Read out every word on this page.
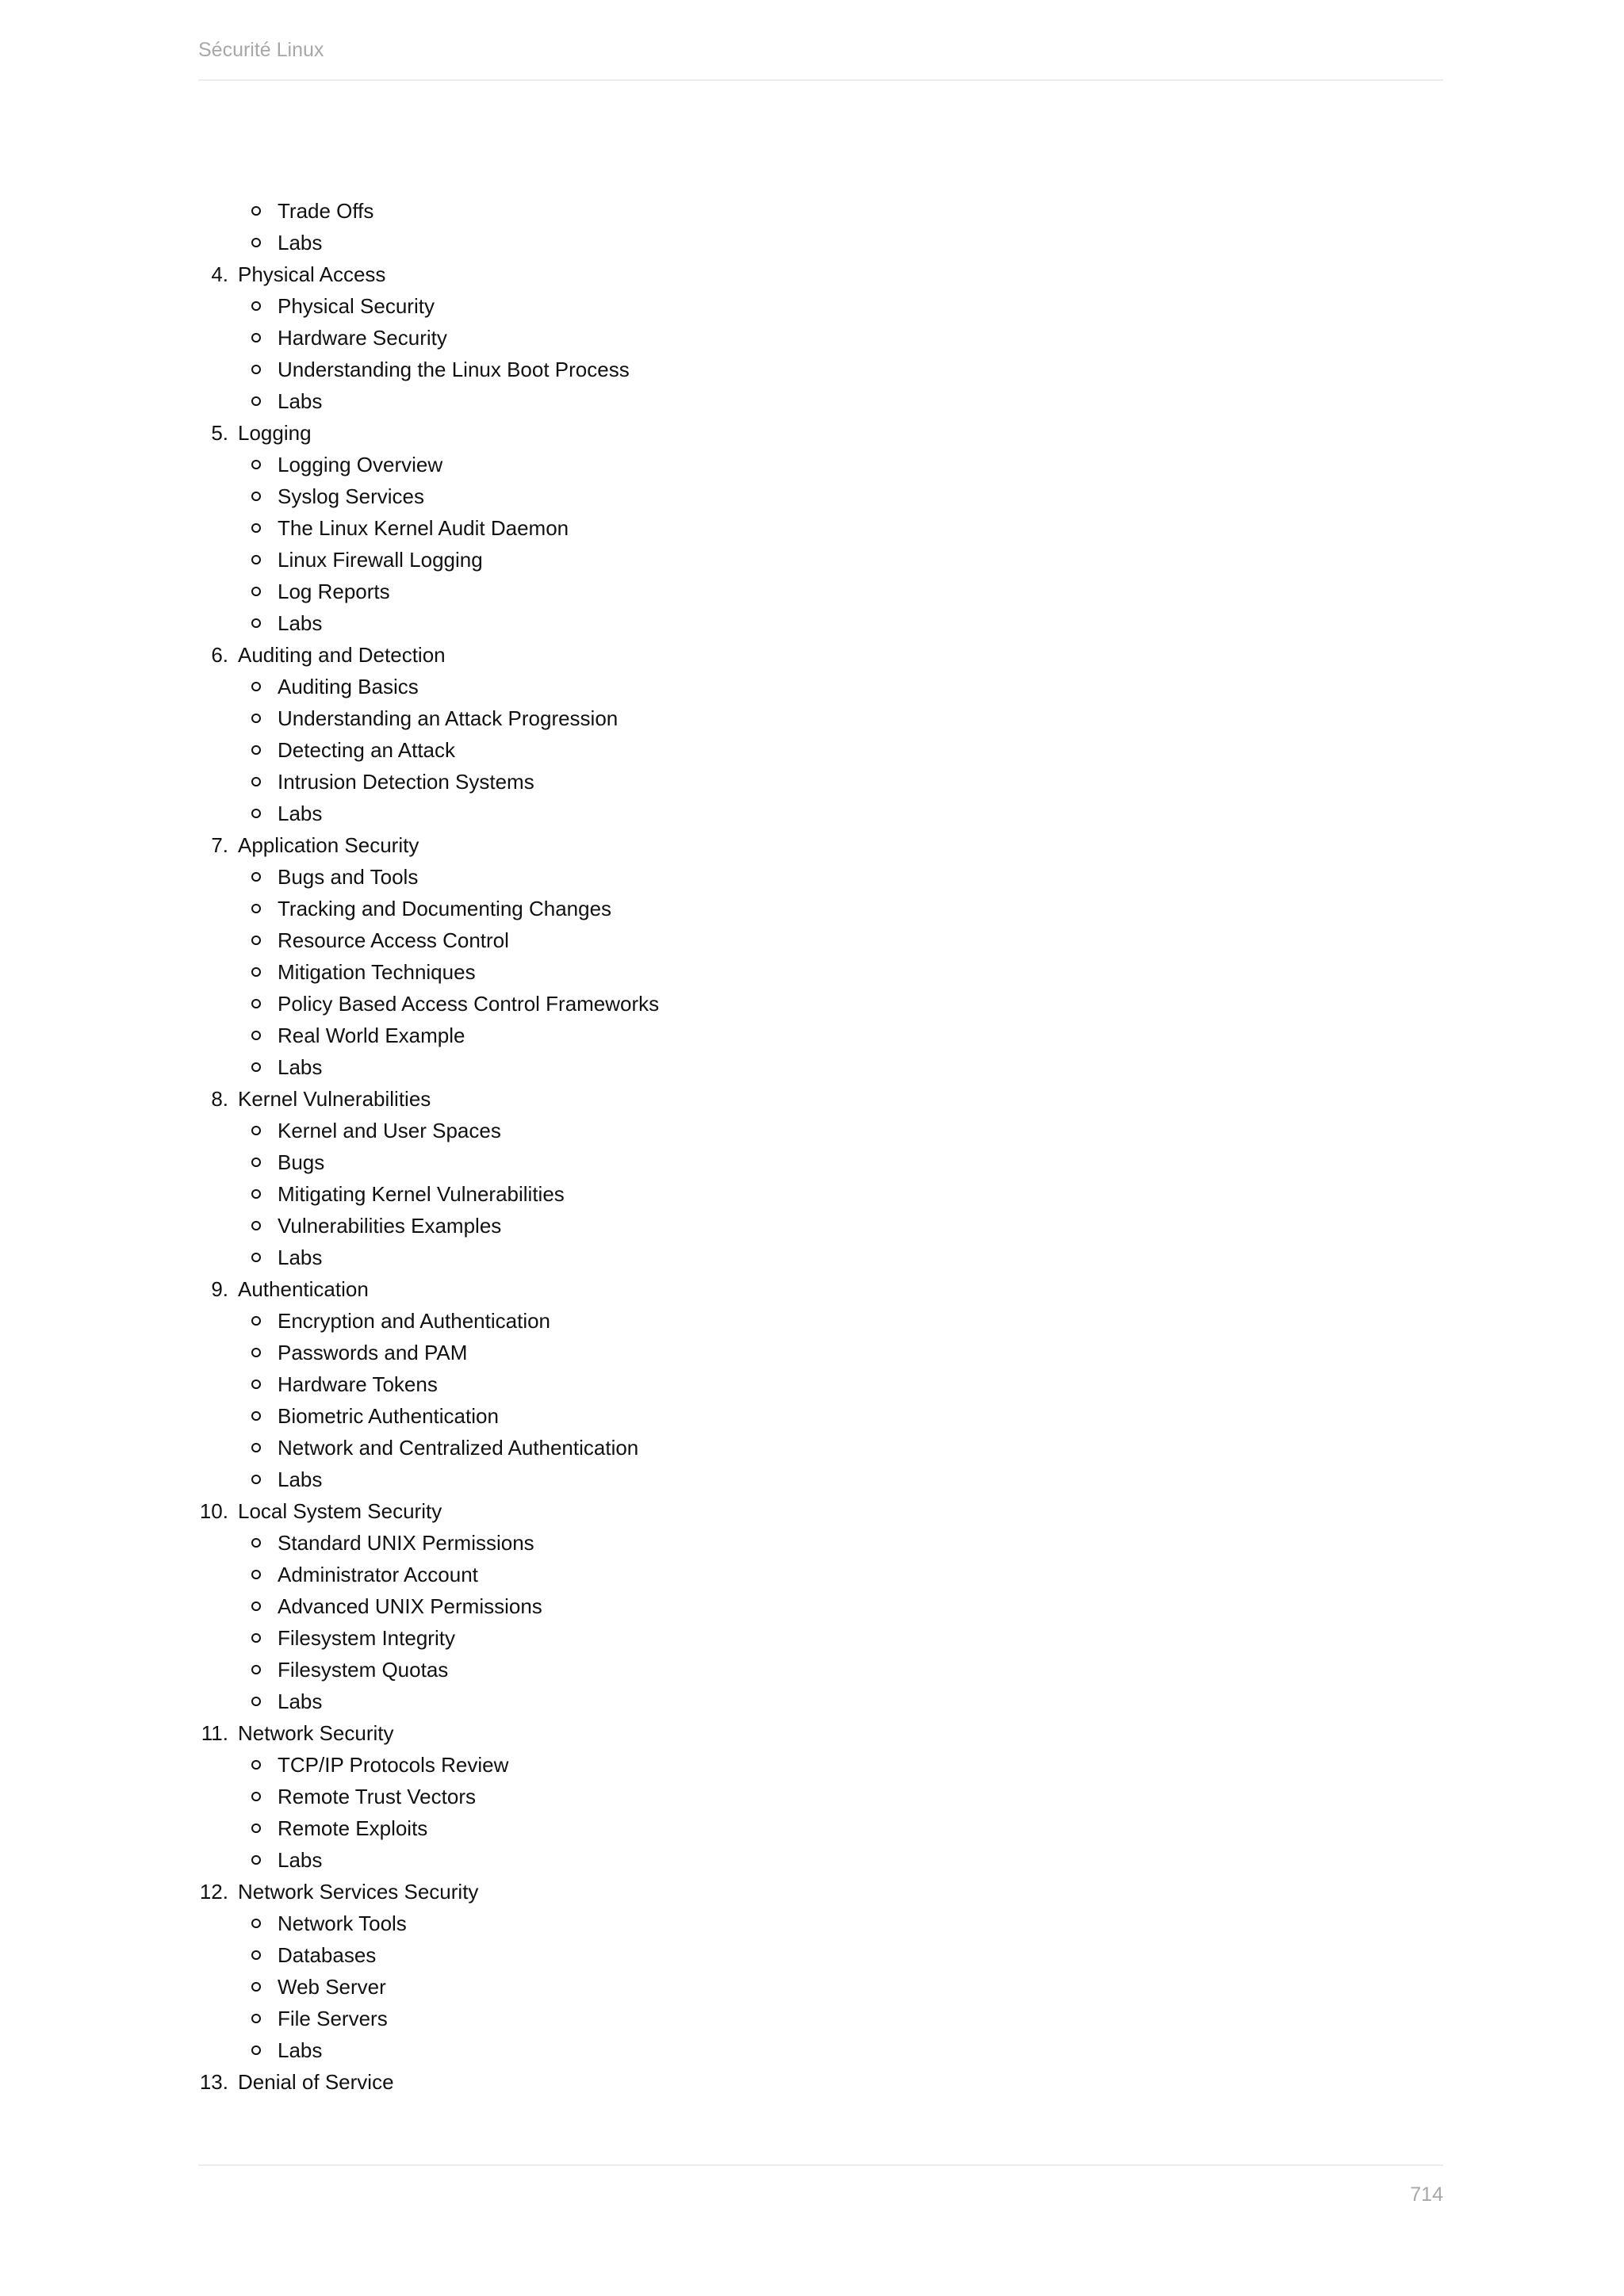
Sécurité Linux
Trade Offs
Labs
4. Physical Access
Physical Security
Hardware Security
Understanding the Linux Boot Process
Labs
5. Logging
Logging Overview
Syslog Services
The Linux Kernel Audit Daemon
Linux Firewall Logging
Log Reports
Labs
6. Auditing and Detection
Auditing Basics
Understanding an Attack Progression
Detecting an Attack
Intrusion Detection Systems
Labs
7. Application Security
Bugs and Tools
Tracking and Documenting Changes
Resource Access Control
Mitigation Techniques
Policy Based Access Control Frameworks
Real World Example
Labs
8. Kernel Vulnerabilities
Kernel and User Spaces
Bugs
Mitigating Kernel Vulnerabilities
Vulnerabilities Examples
Labs
9. Authentication
Encryption and Authentication
Passwords and PAM
Hardware Tokens
Biometric Authentication
Network and Centralized Authentication
Labs
10. Local System Security
Standard UNIX Permissions
Administrator Account
Advanced UNIX Permissions
Filesystem Integrity
Filesystem Quotas
Labs
11. Network Security
TCP/IP Protocols Review
Remote Trust Vectors
Remote Exploits
Labs
12. Network Services Security
Network Tools
Databases
Web Server
File Servers
Labs
13. Denial of Service
714
